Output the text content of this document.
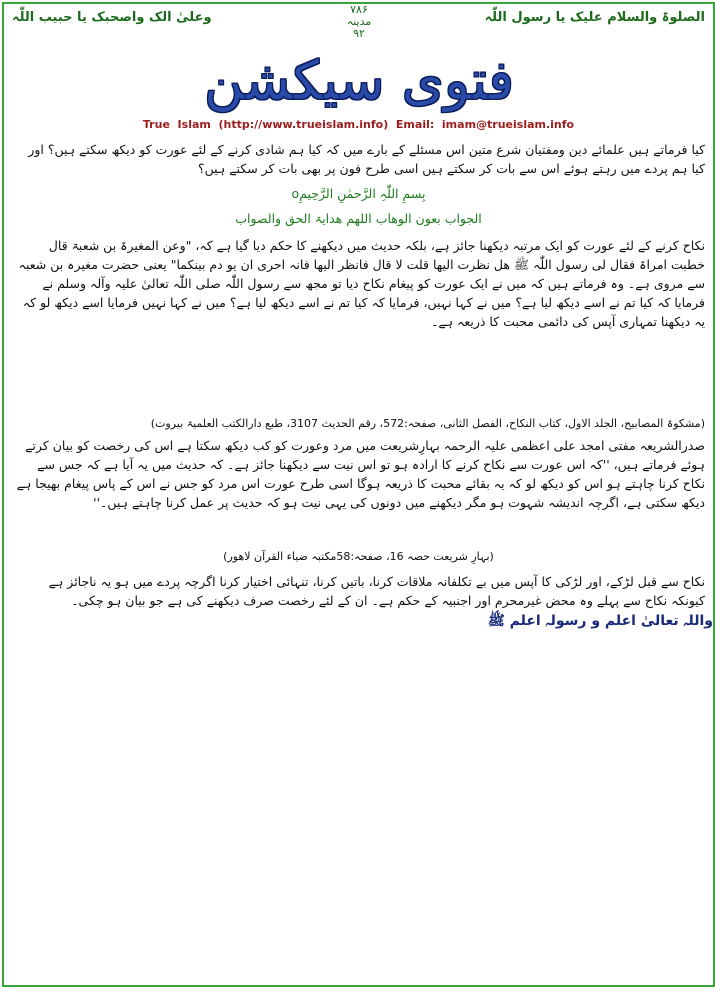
الصلوۃ والسلام علیک یا رسول اللّٰہ
۷۸۶
مدینہ
۹۲
وعلیٰ الک واصحبک یا حبیب اللّٰہ
فتوی سیکشن
True  Islam  (http://www.trueislam.info)  Email:  imam@trueislam.info
کیا فرماتے ہیں علمائے دین ومفتیان شرع متین اس مسئلے کے بارے میں کہ کیا ہم شادی کرنے کے لئے عورت کو دیکھ سکتے ہیں؟ اور کیا ہم پردے میں رہتے ہوئے اس سے بات کر سکتے ہیں اسی طرح فون پر بھی بات کر سکتے ہیں؟
بِسمِ اللّٰہِ الرَّحمٰنِ الرَّحِیمِo
الجواب بعون الوھاب اللھم ھدایۃ الحق والصواب
نکاح کرنے کے لئے عورت کو ایک مرتبہ دیکھنا جائز ہے، بلکہ حدیث میں دیکھنے کا حکم دیا گیا ہے کہ، "وعن المغیرۃ بن شعبۃ قال خطبت امراۃ فقال لی رسول اللّٰہ ﷺ ھل نظرت الیھا قلت لا قال فانظر الیھا فانہ احری ان یو دم بینکما" یعنی حضرت مغیرہ بن شعبہ سے مروی ہے۔ وہ فرماتے ہیں کہ میں نے ایک عورت کو پیغام نکاح دیا تو مجھ سے رسول اللّٰہ صلی اللّٰہ تعالیٰ علیہ وآلہ وسلم نے فرمایا کہ کیا تم نے اسے دیکھ لیا ہے؟ میں نے کہا نہیں، فرمایا کہ کیا تم نے اسے دیکھ لیا ہے؟ میں نے کہا نہیں فرمایا اسے دیکھ لو کہ یہ دیکھنا تمہاری آپس کی دائمی محبت کا ذریعہ ہے۔
(مشکوۃ المصابیح، الجلد الاول، کتاب النکاح، الفصل الثانی، صفحہ:572، رقم الحدیث 3107، طبع دارالکتب العلمیۃ بیروت)
صدرالشریعہ مفتی امجد علی اعظمی علیہ الرحمہ بہارِشریعت میں مرد وعورت کو کب دیکھ سکتا ہے اس کی رخصت کو بیان کرتے ہوئے فرماتے ہیں، ''کہ اس عورت سے نکاح کرنے کا ارادہ ہو تو اس نیت سے دیکھنا جائز ہے۔ کہ حدیث میں یہ آیا ہے کہ جس سے نکاح کرنا چاہتے ہو اس کو دیکھ لو کہ یہ بقائے محبت کا ذریعہ ہوگا اسی طرح عورت اس مرد کو جس نے اس کے پاس پیغام بھیجا ہے دیکھ سکتی ہے، اگرچہ اندیشہ شہوت ہو مگر دیکھنے میں دونوں کی یہی نیت ہو کہ حدیث پر عمل کرنا چاہتے ہیں۔''
(بہارِ شریعت حصہ 16، صفحہ:58مکتبہ ضیاء القرآن لاھور)
نکاح سے قبل لڑکے، اور لڑکی کا آپس میں بے تکلفانہ ملاقات کرنا، باتیں کرنا، تنہائی اختیار کرنا اگرچہ پردے میں ہو یہ ناجائز ہے کیونکہ نکاح سے پہلے وہ محض غیرمحرم اور اجنبیہ کے حکم ہے۔ ان کے لئے رخصت صرف دیکھنے کی ہے جو بیان ہو چکی۔
واللہ تعالیٰ اعلم و رسولہ اعلم ﷺ
